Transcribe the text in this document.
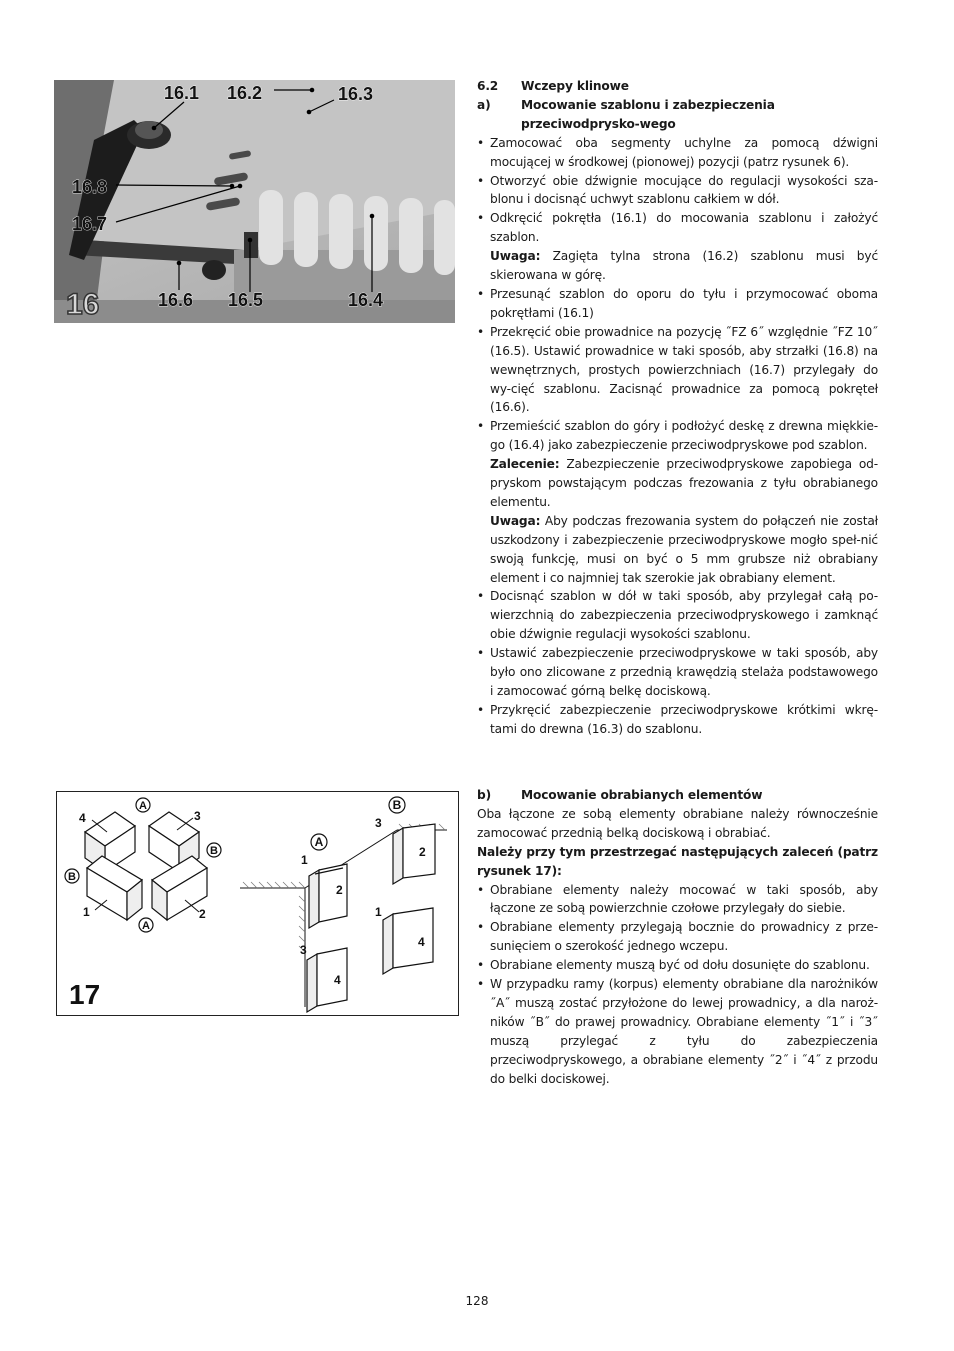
16.1 16.2	16.3
16.8
16.7
16.6 16.5	16.4
16
4	3
1	2
A
B
B
A
2
1
2
3
4
1
4
3
A
B
17
6.2	Wczepy klinowe
a)	Mocowanie szablonu i zabezpieczenia przeciwodprysko-wego
• Zamocować oba segmenty uchylne za pomocą dźwigni mocującej w środkowej (pionowej) pozycji (patrz rysunek 6).
• Otworzyć obie dźwignie mocujące do regulacji wysokości sza-blonu i docisnąć uchwyt szablonu całkiem w dół.
• Odkręcić pokrętła (16.1) do mocowania szablonu i założyć szablon.
Uwaga: Zagięta tylna strona (16.2) szablonu musi być skierowana w górę.
• Przesunąć szablon do oporu do tyłu i przymocować oboma pokrętłami (16.1)
• Przekręcić obie prowadnice na pozycję ˝FZ 6˝ względnie ˝FZ 10˝ (16.5). Ustawić prowadnice w taki sposób, aby strzałki (16.8) na wewnętrznych, prostych powierzchniach (16.7) przylegały do wy-cięć szablonu. Zacisnąć prowadnice za pomocą pokręteł (16.6).
• Przemieścić szablon do góry i podłożyć deskę z drewna miękkie-go (16.4) jako zabezpieczenie przeciwodpryskowe pod szablon.
Zalecenie: Zabezpieczenie przeciwodpryskowe zapobiega od-pryskom powstającym podczas frezowania z tyłu obrabianego elementu.
Uwaga: Aby podczas frezowania system do połączeń nie został uszkodzony i zabezpieczenie przeciwodpryskowe mogło speł-nić swoją funkcję, musi on być o 5 mm grubsze niż obrabiany element i co najmniej tak szerokie jak obrabiany element.
• Docisnąć szablon w dół w taki sposób, aby przylegał całą po-wierzchnią do zabezpieczenia przeciwodpryskowego i zamknąć obie dźwignie regulacji wysokości szablonu.
• Ustawić zabezpieczenie przeciwodpryskowe w taki sposób, aby było ono zlicowane z przednią krawędzią stelaża podstawowego i zamocować górną belkę dociskową.
• Przykręcić zabezpieczenie przeciwodpryskowe krótkimi wkrę-tami do drewna (16.3) do szablonu.
b)	Mocowanie obrabianych elementów

Oba łączone ze sobą elementy obrabiane należy równocześnie zamocować przednią belką dociskową i obrabiać.

Należy przy tym przestrzegać następujących zaleceń (patrz rysunek 17):

• Obrabiane elementy należy mocować w taki sposób, aby łączone ze sobą powierzchnie czołowe przylegały do siebie.
• Obrabiane elementy przylegają bocznie do prowadnicy z prze-sunięciem o szerokość jednego wczepu.
• Obrabiane elementy muszą być od dołu dosunięte do szablonu.
• W przypadku ramy (korpus) elementy obrabiane dla narożników ˝A˝ muszą zostać przyłożone do lewej prowadnicy, a dla naroż-ników ˝B˝ do prawej prowadnicy. Obrabiane elementy ˝1˝ i ˝3˝ muszą przylegać z tyłu do zabezpieczenia przeciwodpryskowego, a obrabiane elementy ˝2˝ i ˝4˝ z przodu do belki dociskowej.
128
